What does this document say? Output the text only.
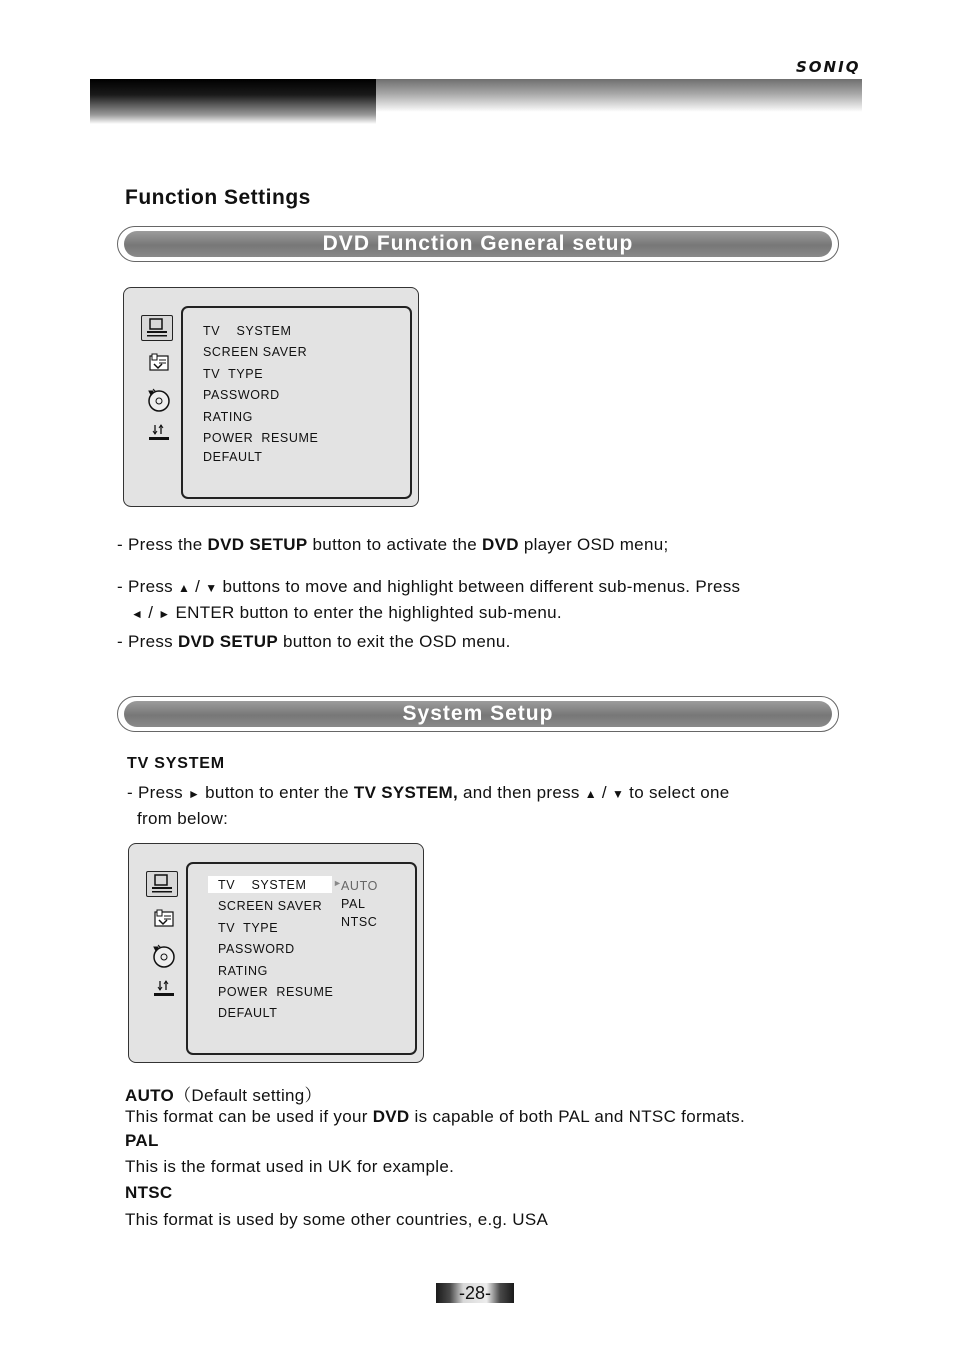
SONIQ
Function Settings
DVD Function General setup
TV    SYSTEM
SCREEN SAVER
TV  TYPE
PASSWORD
RATING
POWER  RESUME
DEFAULT
- Press the DVD SETUP button to activate the DVD player OSD menu;
- Press ▲ / ▼ buttons to move and highlight between different sub-menus. Press
◄ / ► ENTER button to enter the highlighted sub-menu.
- Press DVD SETUP button to exit the OSD menu.
System Setup
TV SYSTEM
- Press ► button to enter the TV SYSTEM, and then press ▲ / ▼ to select one
from below:
TV    SYSTEM
SCREEN SAVER
TV  TYPE
PASSWORD
RATING
POWER  RESUME
DEFAULT
►
AUTO
PAL
NTSC
AUTO（Default setting）
This format can be used if your DVD is capable of both PAL and NTSC formats.
PAL
This is the format used in UK for example.
NTSC
This format is used by some other countries, e.g. USA
-28-
